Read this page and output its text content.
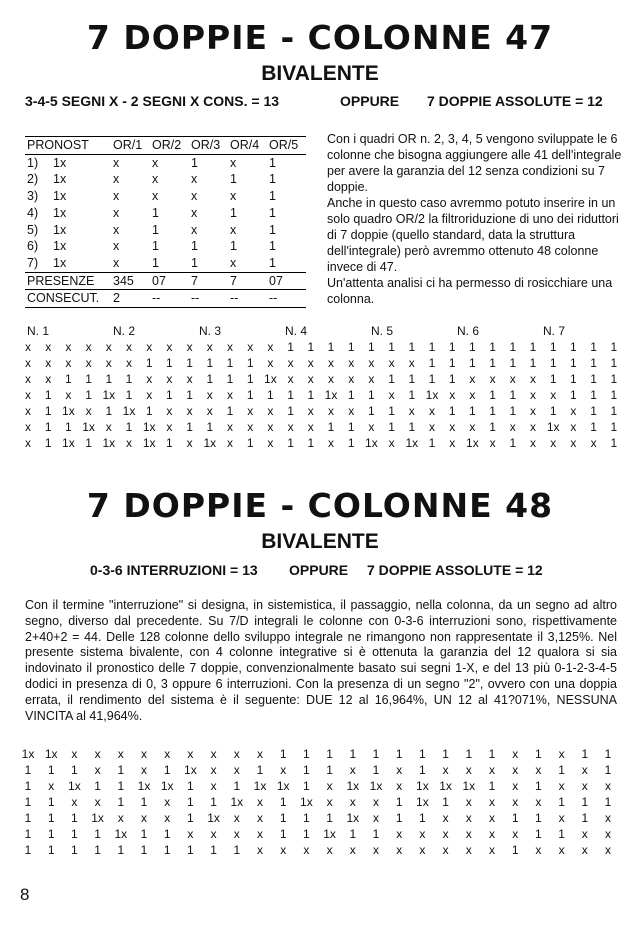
7 DOPPIE - COLONNE 47
BIVALENTE

3-4-5 SEGNI X - 2 SEGNI X CONS. = 13	OPPURE 7 DOPPIE ASSOLUTE = 12

PRONOST	OR/1	OR/2	OR/3	OR/4	OR/5
1) 1x	x	x	1	x	1
2) 1x	x	x	x	1	1
3) 1x	x	x	x	x	1
4) 1x	x	1	x	1	1
5) 1x	x	1	x	x	1
6) 1x	x	1	1	1	1
7) 1x	x	1	1	x	1
PRESENZE	345	07	7	7	07
CONSECUT.	2	--	--	--	--

Con i quadri OR n. 2, 3, 4, 5 vengono sviluppate le 6 colonne che bisogna aggiungere alle 41 dell'integrale per avere la garanzia del 12 senza condizioni su 7 doppie.

Anche in questo caso avremmo potuto inserire in un solo quadro OR/2 la filtroriduzione di uno dei riduttori di 7 doppie (quello standard, data la struttura dell'integrale) però avremmo ottenuto 48 colonne invece di 47.

Un'attenta analisi ci ha permesso di rosicchiare una colonna.

N. 1	N. 2	N. 3	N. 4	N. 5	N. 6	N. 7
x	x	x	x	x	x	x	x	x	x	x	x	x	1	1	1	1	1	1	1	1	1	1	1	1	1	1	1	1	1
x	x	x	x	x	x	1	1	1	1	1	1	x	x	x	x	x	x	x	x	1	1	1	1	1	1	1	1	1	1
x	x	1	1	1	1	x	x	x	1	1	1 1x x	x	x	x	x	1	1	1	1	x	x	x	x	1	1	1	1
x	1	x	1 1x 1	x	1	1	x	x	1	1	1	1 1x 1	1	x	1 1x x	x	1	1	x	x	1	1	1
x	1 1x x	1 1x 1	x	x	x	1	x	x	1	x	x	x	1	1	x	x	1	1	1	1	x	1	x	1	1
x	1	1 1x x	1 1x x	1	1	x	x	x	x	x	1	1	x	1	1	x	x	x	1	x	x 1x x	1	1
x	1 1x 1 1x x 1x 1	x 1x x	1	x	1	1	x	1 1x x 1x 1	x 1x x	1	x	x	x	x	1
7 DOPPIE - COLONNE 48
BIVALENTE

0-3-6 INTERRUZIONI = 13 OPPURE 7 DOPPIE ASSOLUTE = 12

Con il termine "interruzione" si designa, in sistemistica, il passaggio, nella colonna, da un segno ad altro segno, diverso dal precedente. Su 7/D integrali le colonne con 0-3-6 interruzioni sono, rispettivamente 2+40+2 = 44. Delle 128 colonne dello sviluppo integrale ne rimangono non rappresentate il 3,125%. Nel presente sistema bivalente, con 4 colonne integrative si è ottenuta la garanzia del 12 qualora si sia indovinato il pronostico delle 7 doppie, convenzionalmente basato sui segni 1-X, e del 13 più 0-1-2-3-4-5 dodici in presenza di 0, 3 oppure 6 interruzioni. Con la presenza di un segno "2", ovvero con una doppia errata, il rendimento del sistema è il seguente: DUE 12 al 16,964%, UN 12 al 41?071%, NESSUNA VINCITA al 41,964%.

1x 1x	x	x	x	x	x	x	x	x	x	1	1	1	1	1	1	1	1	1	1	x	1	x	1	1
1	1	1	x	1	x	1	1x	x	x	1	x	1	1	x	1	x	1	x	x	x	x	x	1	x	1
1	x	1x	1	1	1x 1x	1	x	1	1x 1x	1	x	1x 1x	x	1x 1x 1x	1	x	1	x	x	x
1	1	x	x	1	1	x	1	1	1x	x	1	1x	x	x	x	1	1x	1	x	x	x	x	1	1	1
1	1	1	1x	x	x	x	1	1x	x	x	1	1	1	1x	x	1	1	x	x	x	1	1	x	1	x
1	1	1	1	1x	1	1	x	x	x	x	1	1	1x	1	1	x	x	x	x	x	x	1	1	x	x
1	1	1	1	1	1	1	1	1	1	x	x	x	x	x	x	x	x	x	x	x	1	x	x	x	x
8
